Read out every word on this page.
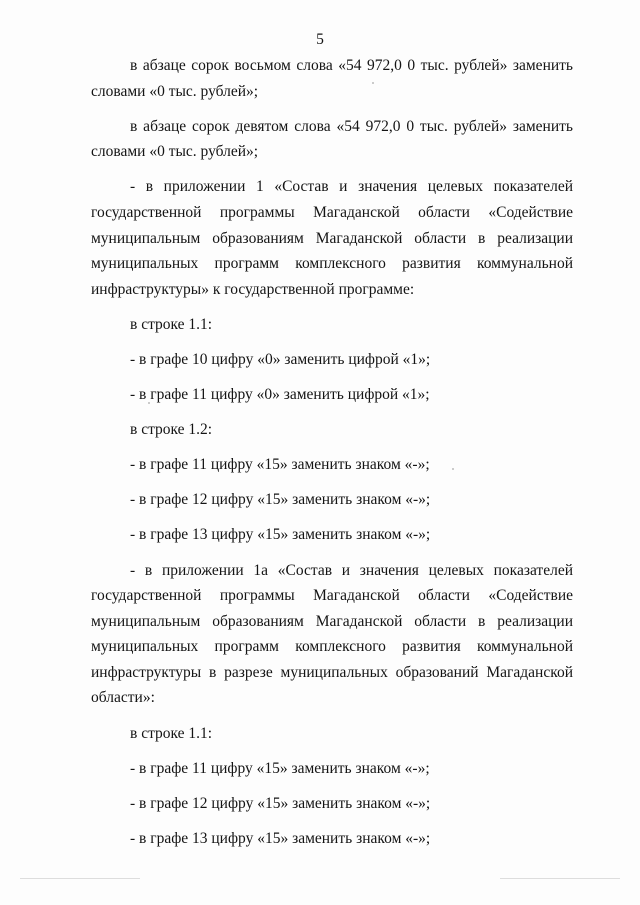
5

в абзаце сорок восьмом слова «54 972,0 0 тыс. рублей» заменить словами «0 тыс. рублей»;

в абзаце сорок девятом слова «54 972,0 0 тыс. рублей» заменить словами «0 тыс. рублей»;

- в приложении 1 «Состав и значения целевых показателей государственной программы Магаданской области «Содействие муниципальным образованиям Магаданской области в реализации муниципальных программ комплексного развития коммунальной инфраструктуры» к государственной программе:

в строке 1.1:

- в графе 10 цифру «0» заменить цифрой «1»;

- в графе 11 цифру «0» заменить цифрой «1»;

в строке 1.2:

- в графе 11 цифру «15» заменить знаком «-»;

- в графе 12 цифру «15» заменить знаком «-»;

- в графе 13 цифру «15» заменить знаком «-»;

- в приложении 1а «Состав и значения целевых показателей государственной программы Магаданской области «Содействие муниципальным образованиям Магаданской области в реализации муниципальных программ комплексного развития коммунальной инфраструктуры в разрезе муниципальных образований Магаданской области»:

в строке 1.1:

- в графе 11 цифру «15» заменить знаком «-»;

- в графе 12 цифру «15» заменить знаком «-»;

- в графе 13 цифру «15» заменить знаком «-»;
